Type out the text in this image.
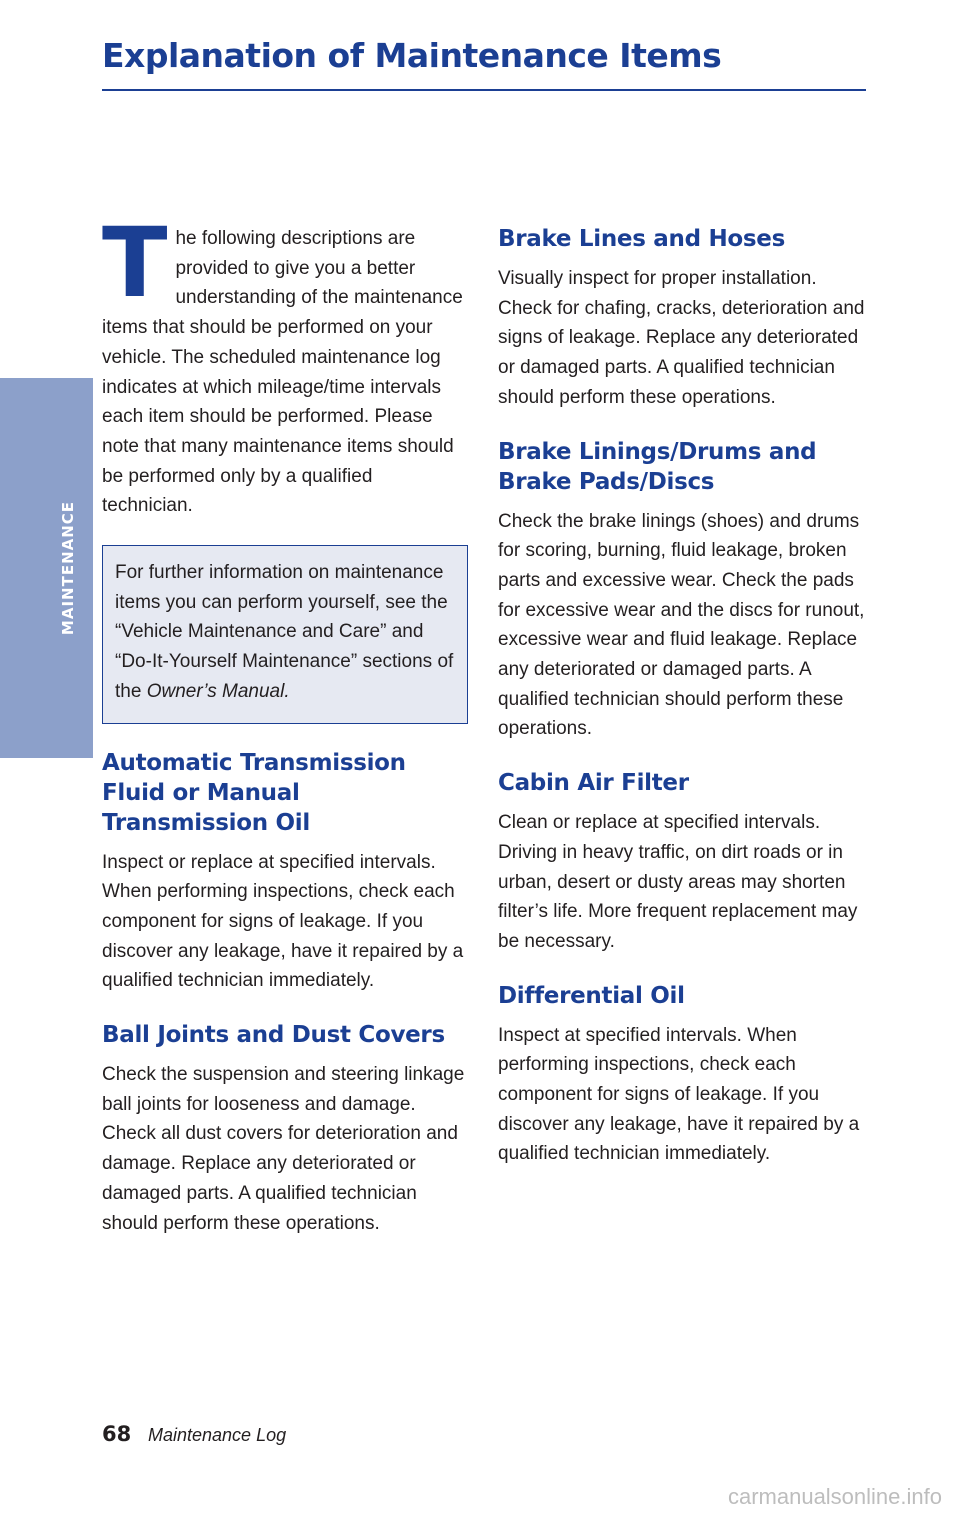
Explanation of Maintenance Items
MAINTENANCE

The following descriptions are provided to give you a better understanding of the maintenance items that should be performed on your vehicle. The scheduled maintenance log indicates at which mileage/time intervals each item should be performed. Please note that many maintenance items should be performed only by a qualified technician.

For further information on maintenance items you can perform yourself, see the “Vehicle Maintenance and Care” and “Do-It-Yourself Maintenance” sections of the Owner’s Manual.

Automatic Transmission Fluid or Manual Transmission Oil

Inspect or replace at specified intervals. When performing inspections, check each component for signs of leakage. If you discover any leakage, have it repaired by a qualified technician immediately.

Ball Joints and Dust Covers

Check the suspension and steering linkage ball joints for looseness and damage. Check all dust covers for deterioration and damage. Replace any deteriorated or damaged parts. A qualified technician should perform these operations.

Brake Lines and Hoses

Visually inspect for proper installation. Check for chafing, cracks, deterioration and signs of leakage. Replace any deteriorated or damaged parts. A qualified technician should perform these operations.

Brake Linings/Drums and Brake Pads/Discs

Check the brake linings (shoes) and drums for scoring, burning, fluid leakage, broken parts and excessive wear. Check the pads for excessive wear and the discs for runout, excessive wear and fluid leakage. Replace any deteriorated or damaged parts. A qualified technician should perform these operations.

Cabin Air Filter

Clean or replace at specified intervals. Driving in heavy traffic, on dirt roads or in urban, desert or dusty areas may shorten filter’s life. More frequent replacement may be necessary.

Differential Oil

Inspect at specified intervals. When performing inspections, check each component for signs of leakage. If you discover any leakage, have it repaired by a qualified technician immediately.

68 Maintenance Log
carmanualsonline.info
